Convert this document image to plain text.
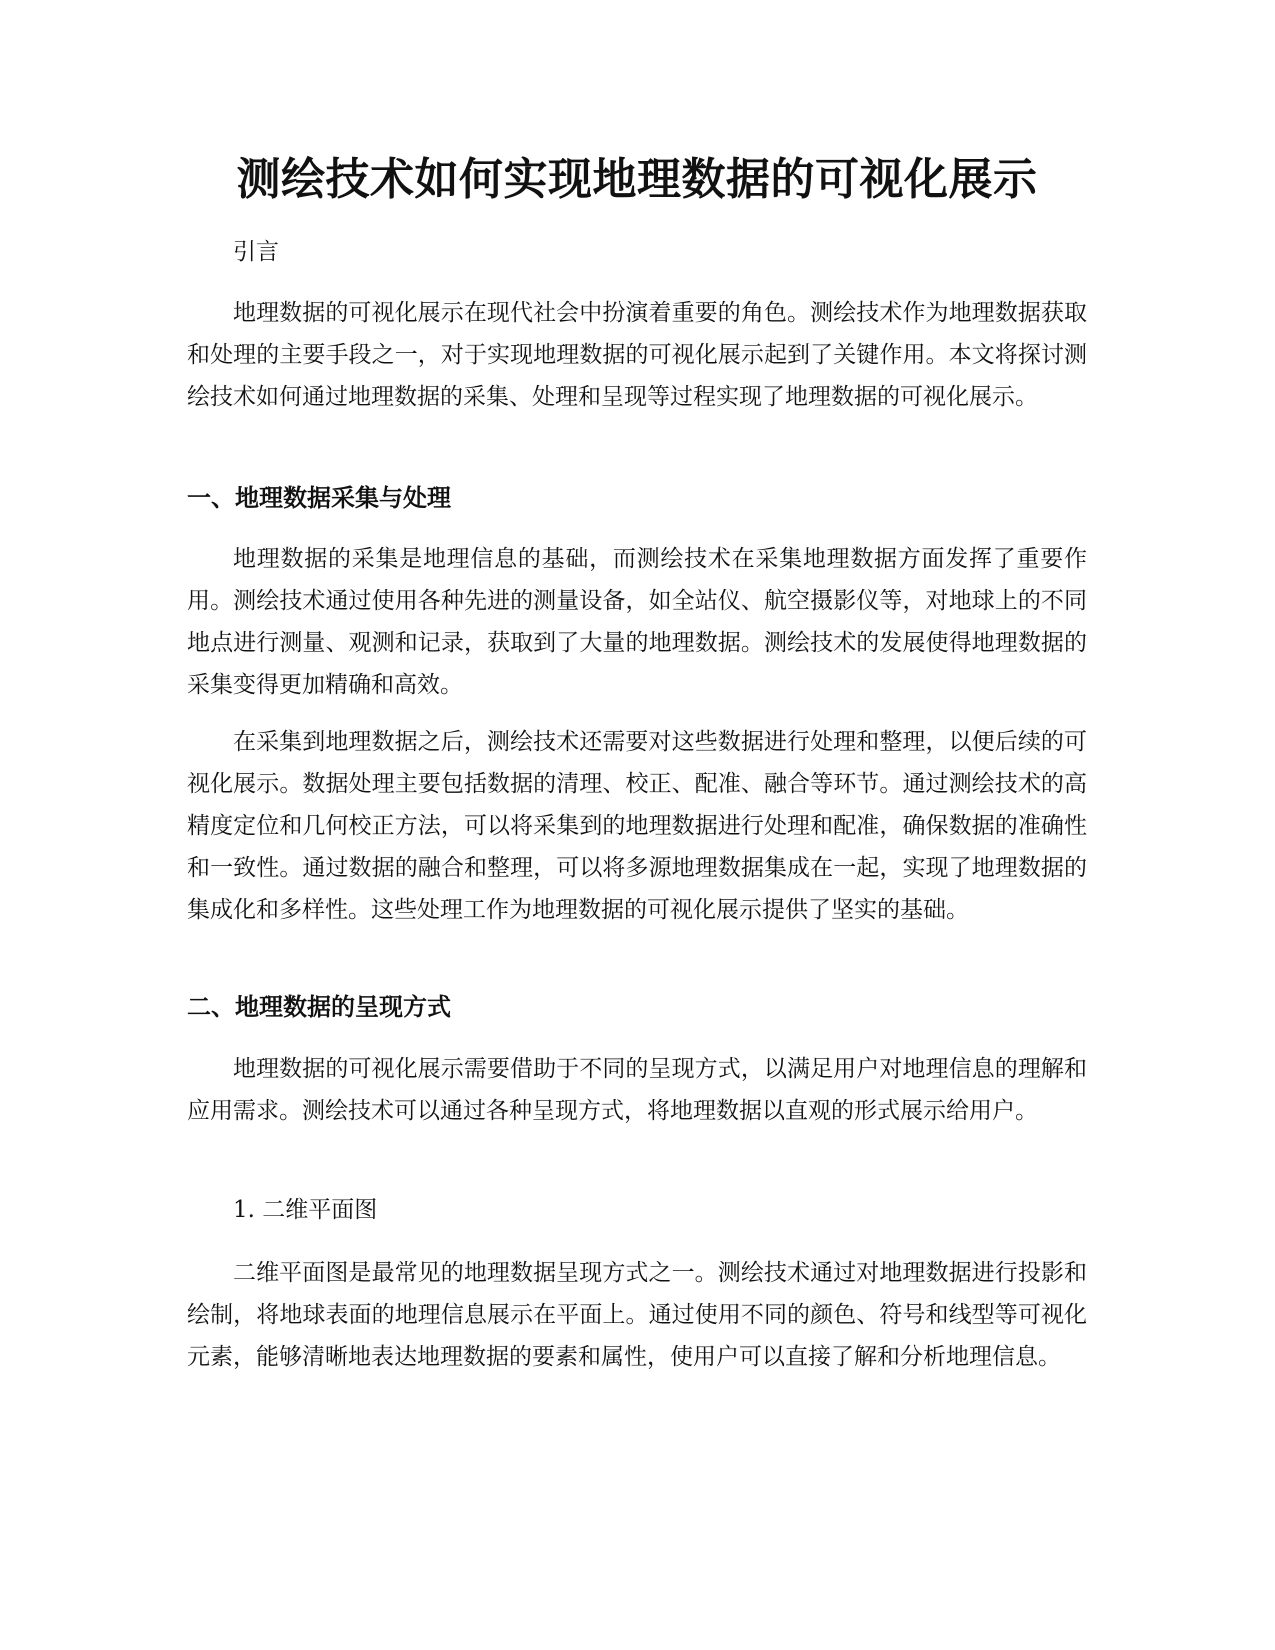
测绘技术如何实现地理数据的可视化展示

引言

地理数据的可视化展示在现代社会中扮演着重要的角色。测绘技术作为地理数据获取和处理的主要手段之一，对于实现地理数据的可视化展示起到了关键作用。本文将探讨测绘技术如何通过地理数据的采集、处理和呈现等过程实现了地理数据的可视化展示。

一、地理数据采集与处理

地理数据的采集是地理信息的基础，而测绘技术在采集地理数据方面发挥了重要作用。测绘技术通过使用各种先进的测量设备，如全站仪、航空摄影仪等，对地球上的不同地点进行测量、观测和记录，获取到了大量的地理数据。测绘技术的发展使得地理数据的采集变得更加精确和高效。

在采集到地理数据之后，测绘技术还需要对这些数据进行处理和整理，以便后续的可视化展示。数据处理主要包括数据的清理、校正、配准、融合等环节。通过测绘技术的高精度定位和几何校正方法，可以将采集到的地理数据进行处理和配准，确保数据的准确性和一致性。通过数据的融合和整理，可以将多源地理数据集成在一起，实现了地理数据的集成化和多样性。这些处理工作为地理数据的可视化展示提供了坚实的基础。

二、地理数据的呈现方式

地理数据的可视化展示需要借助于不同的呈现方式，以满足用户对地理信息的理解和应用需求。测绘技术可以通过各种呈现方式，将地理数据以直观的形式展示给用户。

1. 二维平面图

二维平面图是最常见的地理数据呈现方式之一。测绘技术通过对地理数据进行投影和绘制，将地球表面的地理信息展示在平面上。通过使用不同的颜色、符号和线型等可视化元素，能够清晰地表达地理数据的要素和属性，使用户可以直接了解和分析地理信息。
